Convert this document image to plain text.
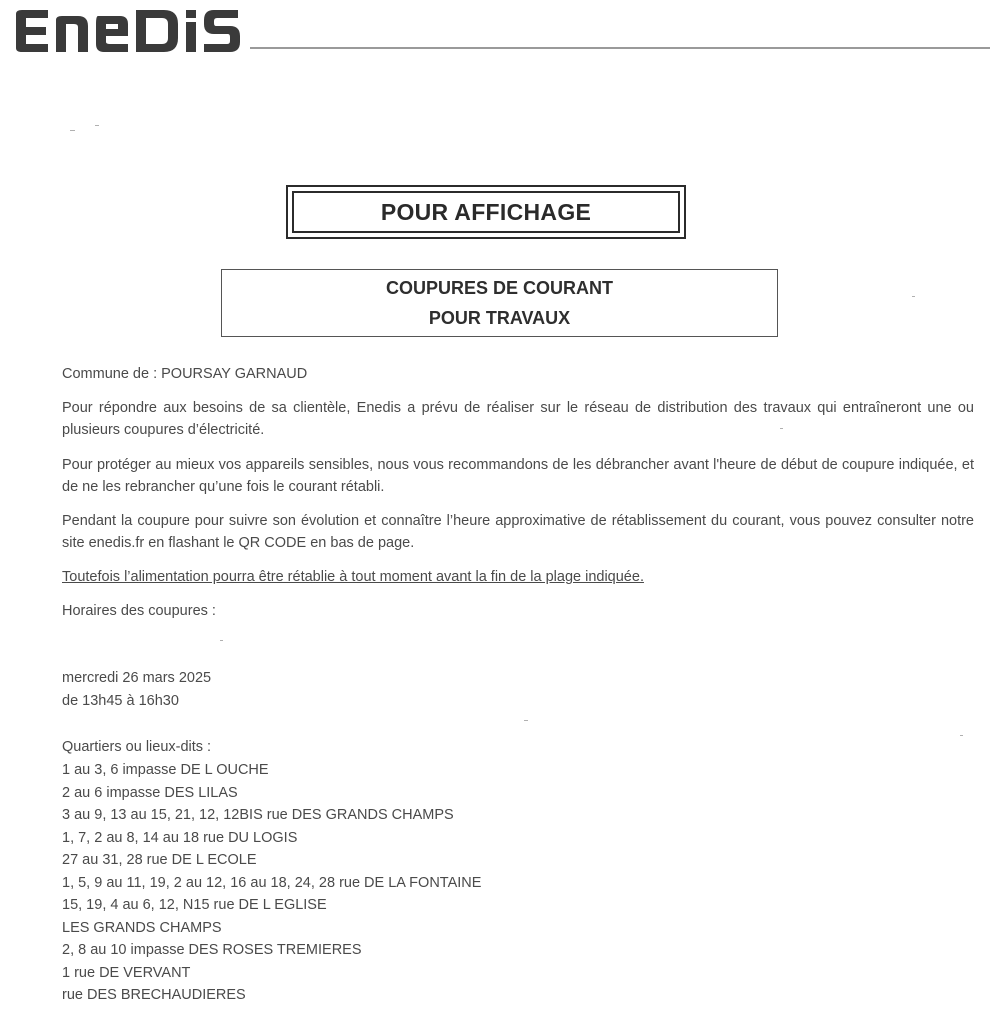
POUR AFFICHAGE
COUPURES DE COURANT
POUR TRAVAUX

Commune de : POURSAY GARNAUD

Pour répondre aux besoins de sa clientèle, Enedis a prévu de réaliser sur le réseau de distribution des travaux qui entraîneront une ou plusieurs coupures d’électricité.

Pour protéger au mieux vos appareils sensibles, nous vous recommandons de les débrancher avant l'heure de début de coupure indiquée, et de ne les rebrancher qu’une fois le courant rétabli.

Pendant la coupure pour suivre son évolution et connaître l’heure approximative de rétablissement du courant, vous pouvez consulter notre site enedis.fr en flashant le QR CODE en bas de page.

Toutefois l’alimentation pourra être rétablie à tout moment avant la fin de la plage indiquée.

Horaires des coupures :

mercredi 26 mars 2025

de 13h45 à 16h30

Quartiers ou lieux-dits :

1 au 3, 6 impasse DE L OUCHE
2 au 6 impasse DES LILAS
3 au 9, 13 au 15, 21, 12, 12BIS rue DES GRANDS CHAMPS
1, 7, 2 au 8, 14 au 18 rue DU LOGIS
27 au 31, 28 rue DE L ECOLE
1, 5, 9 au 11, 19, 2 au 12, 16 au 18, 24, 28 rue DE LA FONTAINE
15, 19, 4 au 6, 12, N15 rue DE L EGLISE
LES GRANDS CHAMPS
2, 8 au 10 impasse DES ROSES TREMIERES
1 rue DE VERVANT
rue DES BRECHAUDIERES
